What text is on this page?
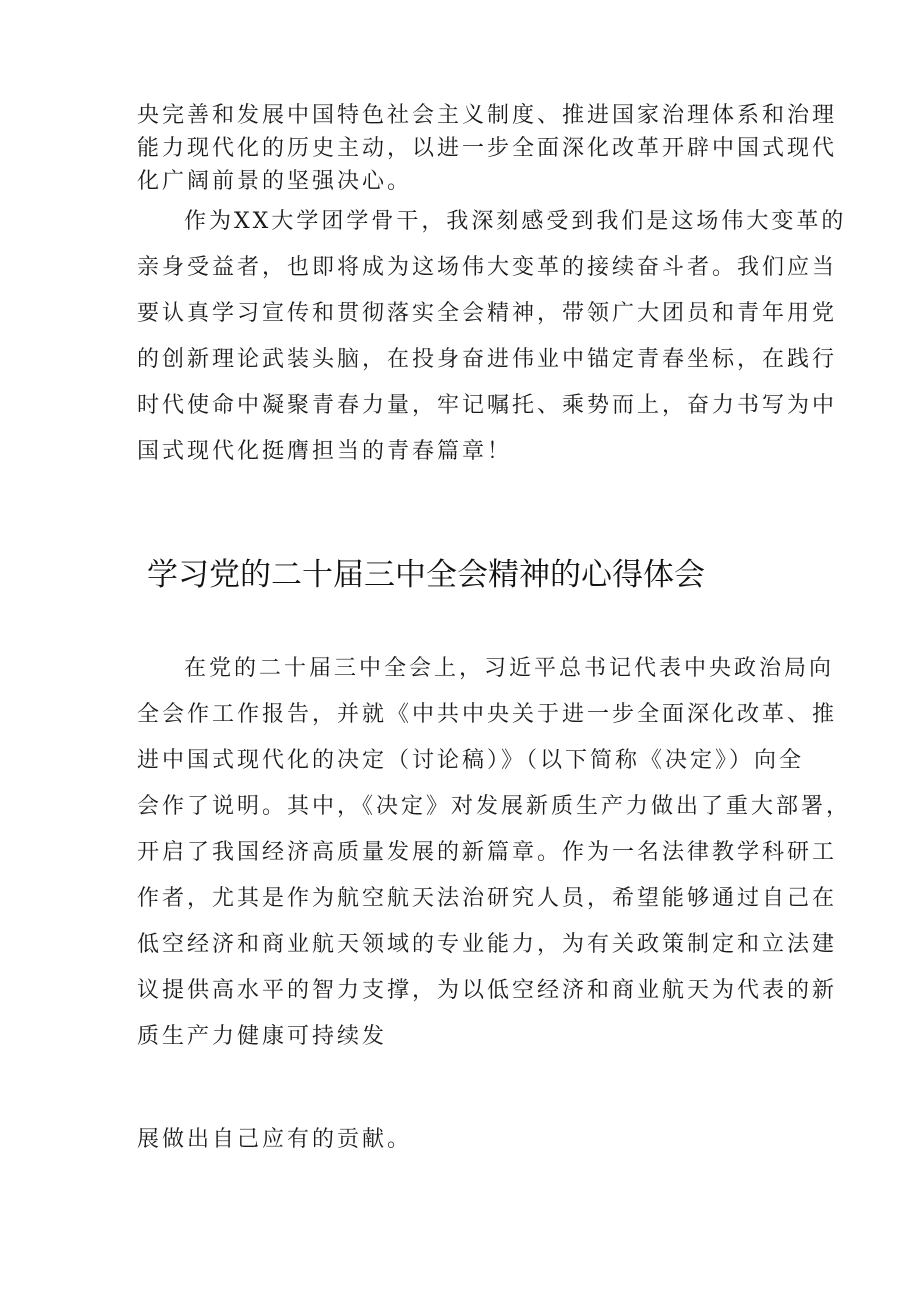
央完善和发展中国特色社会主义制度、推进国家治理体系和治理
能力现代化的历史主动，以进一步全面深化改革开辟中国式现代
化广阔前景的坚强决心。
作为XX大学团学骨干，我深刻感受到我们是这场伟大变革的
亲身受益者，也即将成为这场伟大变革的接续奋斗者。我们应当
要认真学习宣传和贯彻落实全会精神，带领广大团员和青年用党
的创新理论武装头脑，在投身奋进伟业中锚定青春坐标，在践行
时代使命中凝聚青春力量，牢记嘱托、乘势而上，奋力书写为中
国式现代化挺膺担当的青春篇章！
学习党的二十届三中全会精神的心得体会
在党的二十届三中全会上，习近平总书记代表中央政治局向
全会作工作报告，并就《中共中央关于进一步全面深化改革、推
进中国式现代化的决定（讨论稿）》（以下简称《决定》）向全
会作了说明。其中，《决定》对发展新质生产力做出了重大部署，
开启了我国经济高质量发展的新篇章。作为一名法律教学科研工
作者，尤其是作为航空航天法治研究人员，希望能够通过自己在
低空经济和商业航天领域的专业能力，为有关政策制定和立法建
议提供高水平的智力支撑，为以低空经济和商业航天为代表的新
质生产力健康可持续发
展做出自己应有的贡献。
